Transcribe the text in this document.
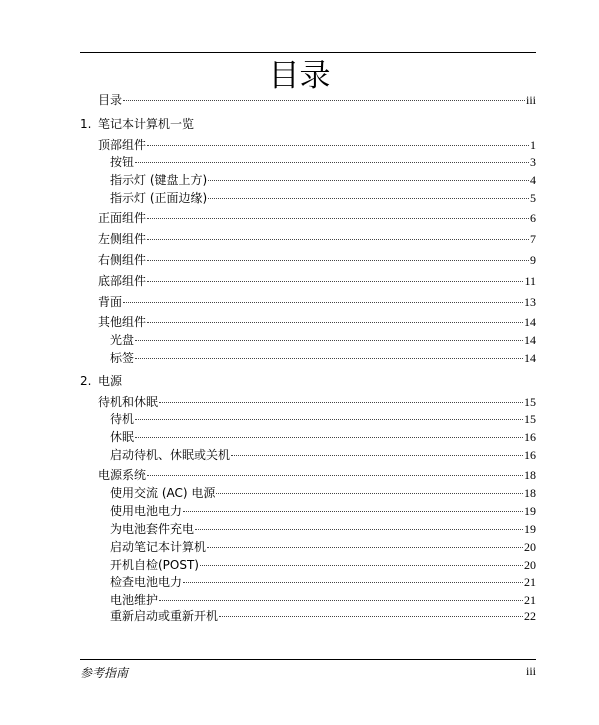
目录
目录	iii
1. 笔记本计算机一览
顶部组件	1
按钮	3
指示灯 (键盘上方)	4
指示灯 (正面边缘)	5
正面组件	6
左侧组件	7
右侧组件	9
底部组件	11
背面	13
其他组件	14
光盘	14
标签	14
2. 电源
待机和休眠	15
待机	15
休眠	16
启动待机、休眠或关机	16
电源系统	18
使用交流 (AC) 电源	18
使用电池电力	19
为电池套件充电	19
启动笔记本计算机	20
开机自检(POST)	20
检查电池电力	21
电池维护	21
重新启动或重新开机	22
参考指南	iii
